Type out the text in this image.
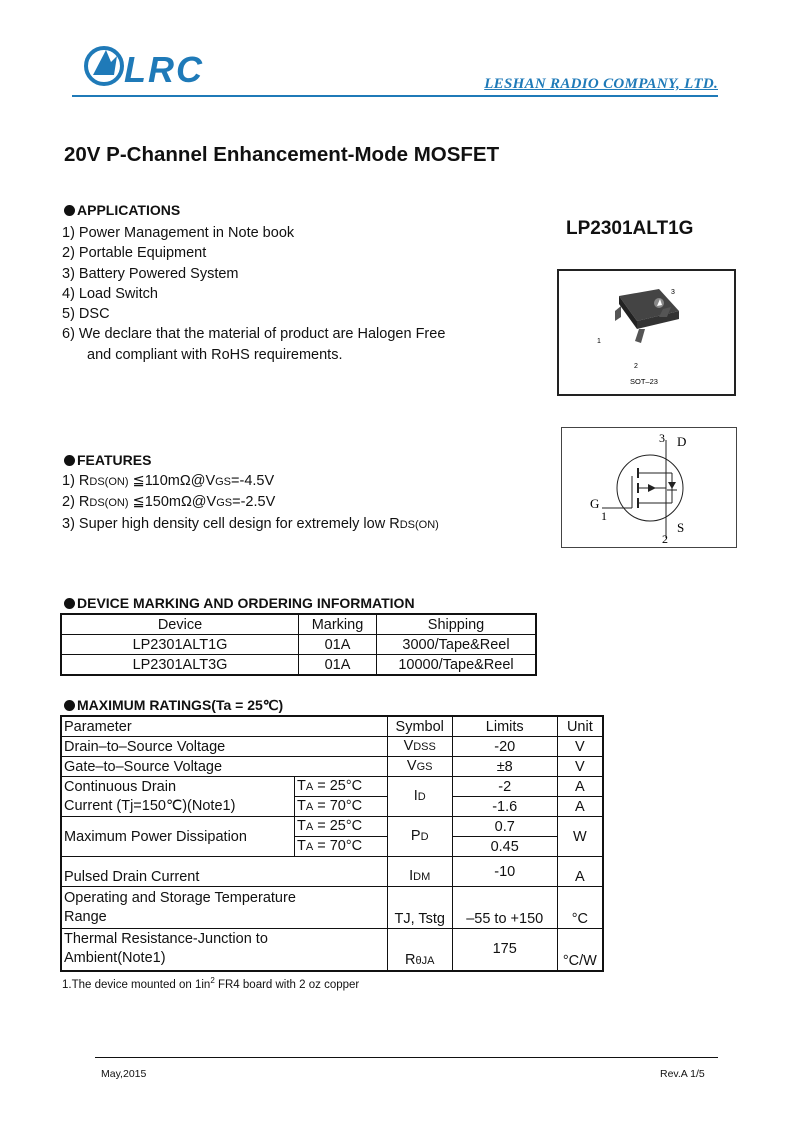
LRC	LESHAN RADIO COMPANY, LTD.
20V P-Channel Enhancement-Mode MOSFET
LP2301ALT1G
APPLICATIONS
1) Power Management in Note book
2) Portable Equipment
3) Battery Powered System
4) Load Switch
5) DSC
6) We declare that the material of product are Halogen Free
and compliant with RoHS requirements.
3
1
2
SOT–23
3 D
G
1
2
S
FEATURES
1) RDS(ON) ≦110mΩ@VGS=-4.5V
2) RDS(ON) ≦150mΩ@VGS=-2.5V
3) Super high density cell design for extremely low RDS(ON)
DEVICE MARKING AND ORDERING INFORMATION
Device	Marking	Shipping
LP2301ALT1G	01A	3000/Tape&Reel
LP2301ALT3G	01A	10000/Tape&Reel
MAXIMUM RATINGS(Ta = 25℃)
Parameter		Symbol	Limits	Unit
Drain–to–Source Voltage		VDSS	-20	V
Gate–to–Source Voltage		VGS	±8	V

Continuous Drain
Current (Tj=150℃)(Note1)	TA = 25°C	ID	-2	A
	TA = 70°C		-1.6	A
Maximum Power Dissipation	TA = 25°C	PD	0.7	W
	TA = 70°C		0.45	
Pulsed Drain Current		IDM	-10	A

Operating and Storage Temperature
Range		TJ, Tstg	–55 to +150	°C

Thermal Resistance-Junction to
Ambient(Note1)		RθJA	175	°C/W
1.The device mounted on $1in^2$ FR4 board with 2 oz copper
May,2015	Rev.A 1/5
